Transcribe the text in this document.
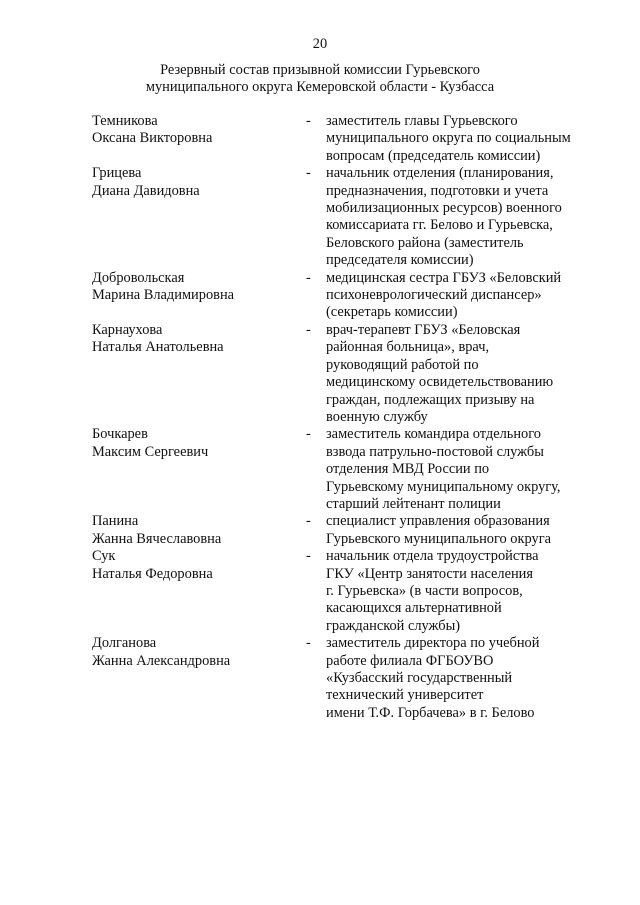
20
Резервный состав призывной комиссии Гурьевского
муниципального округа Кемеровской области - Кузбасса
Темникова
Оксана Викторовна
-	заместитель главы Гурьевского
муниципального округа по социальным
вопросам (председатель комиссии)
Грицева
Диана Давидовна
-	начальник отделения (планирования,
предназначения, подготовки и учета
мобилизационных ресурсов) военного
комиссариата гг. Белово и Гурьевска,
Беловского района (заместитель
председателя комиссии)
Добровольская
Марина Владимировна
-	медицинская сестра ГБУЗ «Беловский
психоневрологический диспансер»
(секретарь комиссии)
Карнаухова
Наталья Анатольевна
-	врач-терапевт ГБУЗ «Беловская
районная больница», врач,
руководящий работой по
медицинскому освидетельствованию
граждан, подлежащих призыву на
военную службу
Бочкарев
Максим Сергеевич
-	заместитель командира отдельного
взвода патрульно-постовой службы
отделения МВД России по
Гурьевскому муниципальному округу,
старший лейтенант полиции
Панина
Жанна Вячеславовна
-	специалист управления образования
Гурьевского муниципального округа
Сук
Наталья Федоровна
-	начальник отдела трудоустройства
ГКУ «Центр занятости населения
г. Гурьевска» (в части вопросов,
касающихся альтернативной
гражданской службы)
Долганова
Жанна Александровна
-	заместитель директора по учебной
работе филиала ФГБОУВО
«Кузбасский государственный
технический университет
имени Т.Ф. Горбачева» в г. Белово
